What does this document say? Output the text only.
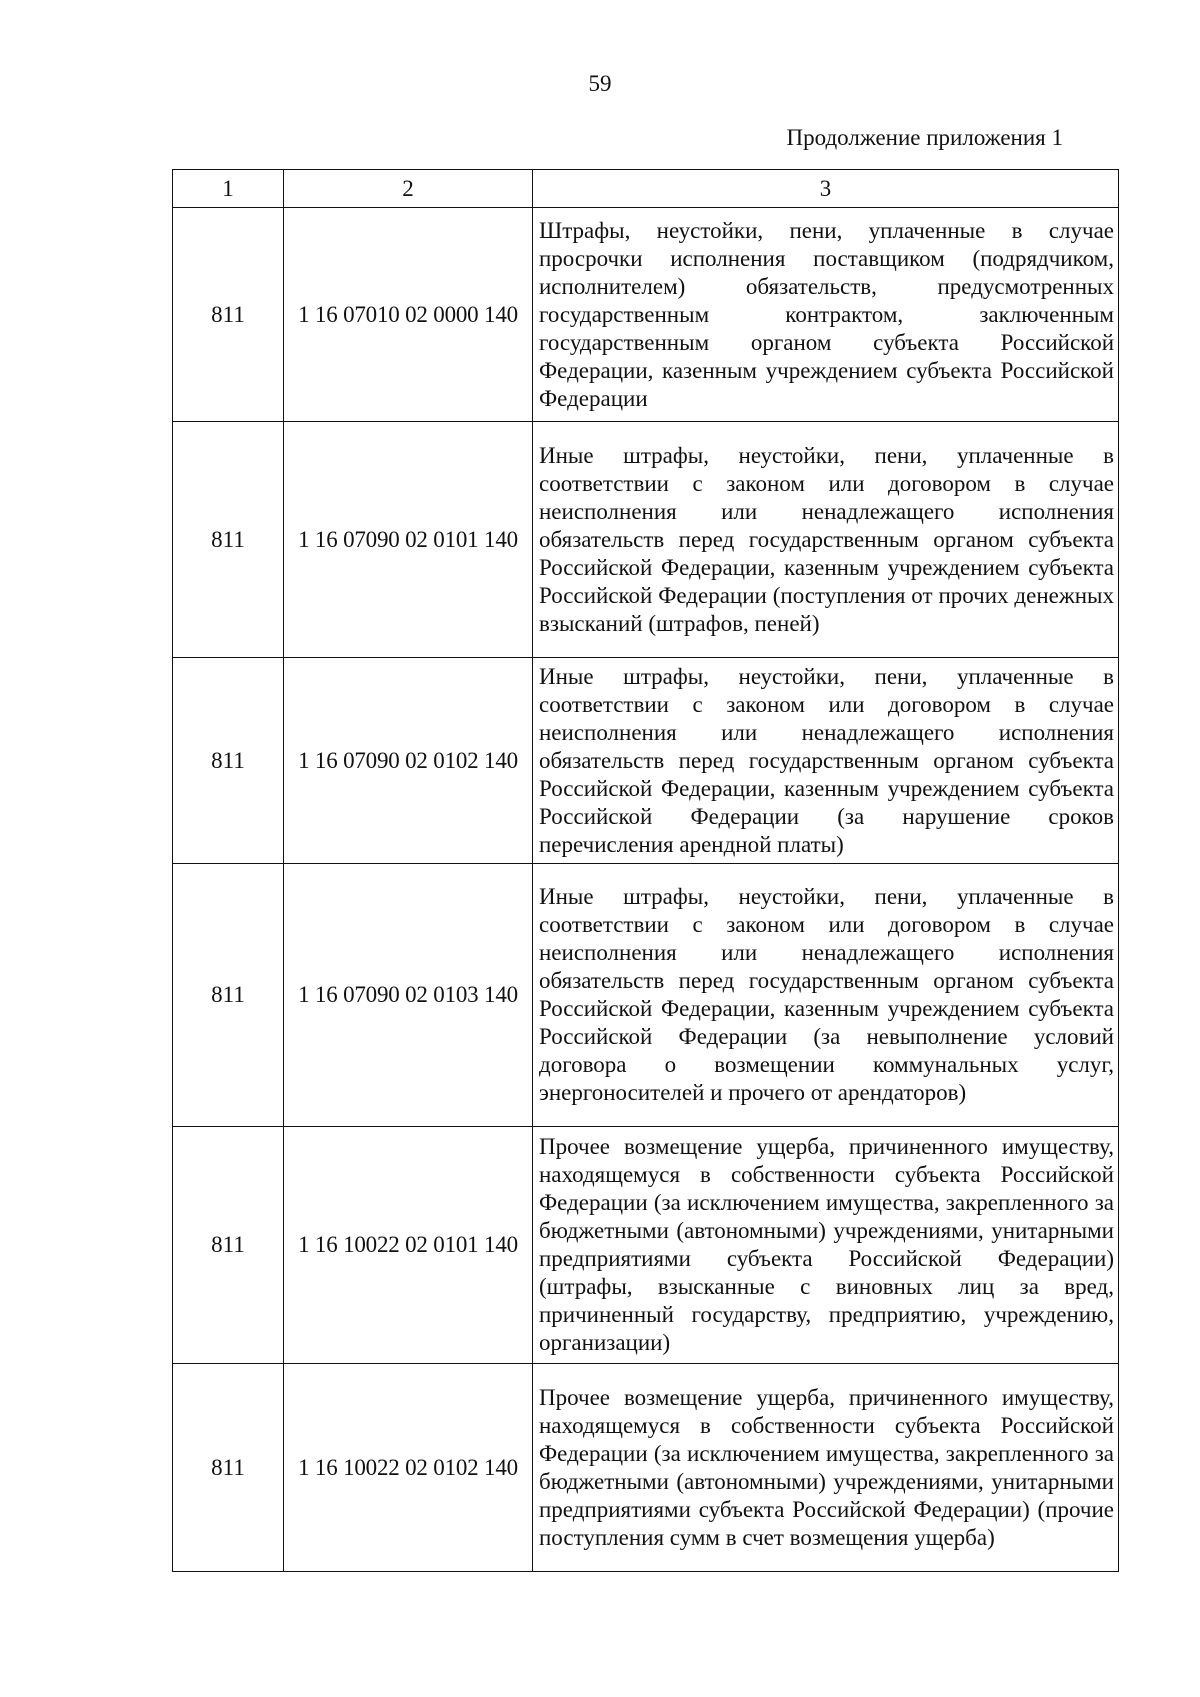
59
Продолжение приложения 1
1	2	3
811	1 16 07010 02 0000 140	Штрафы, неустойки, пени, уплаченные в случае просрочки исполнения поставщиком (подрядчиком, исполнителем) обязательств, предусмотренных государственным контрактом, заключенным государственным органом субъекта Российской Федерации, казенным учреждением субъекта Российской Федерации
811	1 16 07090 02 0101 140	Иные штрафы, неустойки, пени, уплаченные в соответствии с законом или договором в случае неисполнения или ненадлежащего исполнения обязательств перед государственным органом субъекта Российской Федерации, казенным учреждением субъекта Российской Федерации (поступления от прочих денежных взысканий (штрафов, пеней)
811	1 16 07090 02 0102 140	Иные штрафы, неустойки, пени, уплаченные в соответствии с законом или договором в случае неисполнения или ненадлежащего исполнения обязательств перед государственным органом субъекта Российской Федерации, казенным учреждением субъекта Российской Федерации (за нарушение сроков перечисления арендной платы)
811	1 16 07090 02 0103 140	Иные штрафы, неустойки, пени, уплаченные в соответствии с законом или договором в случае неисполнения или ненадлежащего исполнения обязательств перед государственным органом субъекта Российской Федерации, казенным учреждением субъекта Российской Федерации (за невыполнение условий договора о возмещении коммунальных услуг, энергоносителей и прочего от арендаторов)
811	1 16 10022 02 0101 140	Прочее возмещение ущерба, причиненного имуществу, находящемуся в собственности субъекта Российской Федерации (за исключением имущества, закрепленного за бюджетными (автономными) учреждениями, унитарными предприятиями субъекта Российской Федерации) (штрафы, взысканные с виновных лиц за вред, причиненный государству, предприятию, учреждению, организации)
811	1 16 10022 02 0102 140	Прочее возмещение ущерба, причиненного имуществу, находящемуся в собственности субъекта Российской Федерации (за исключением имущества, закрепленного за бюджетными (автономными) учреждениями, унитарными предприятиями субъекта Российской Федерации) (прочие поступления сумм в счет возмещения ущерба)
